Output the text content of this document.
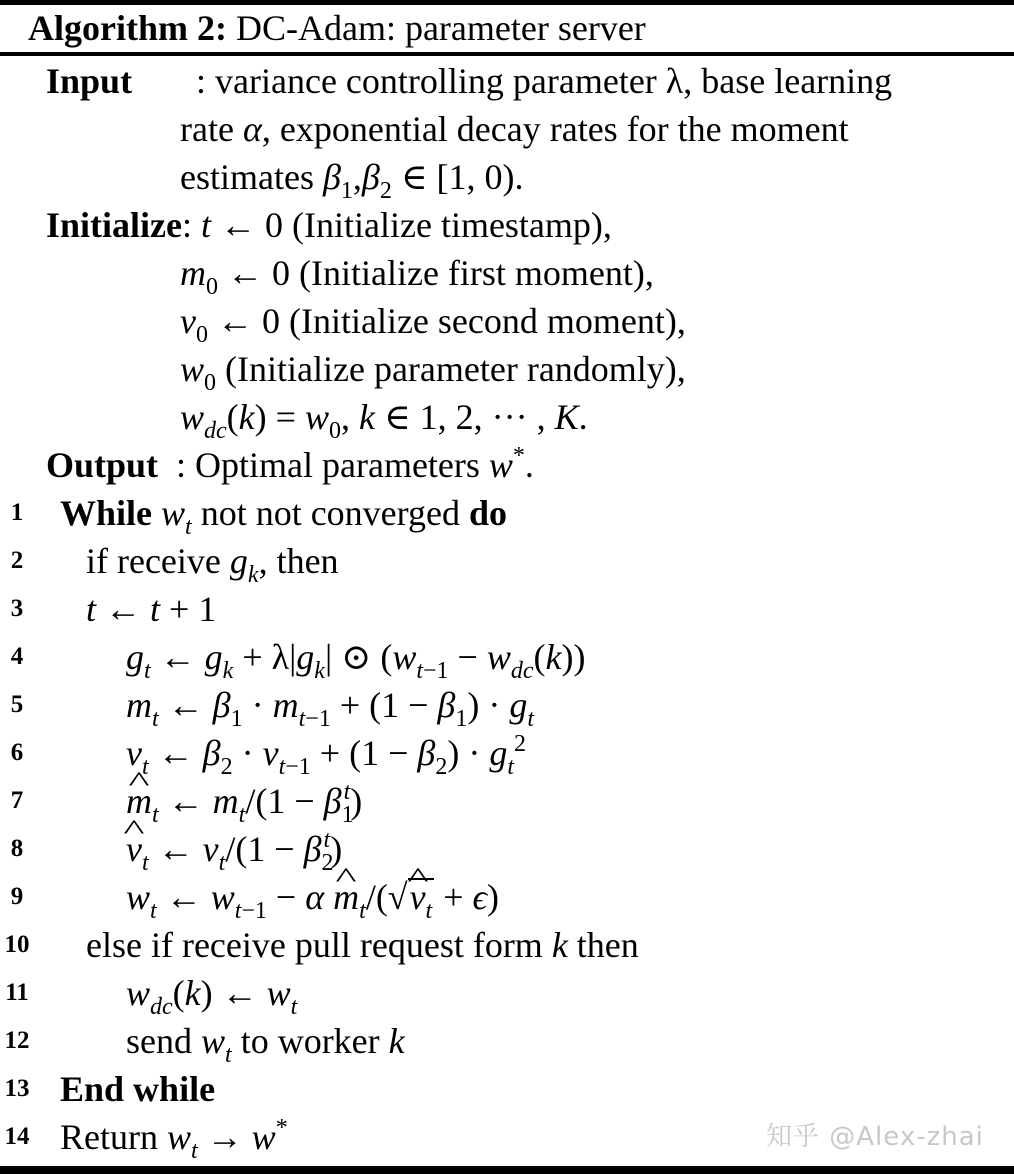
Algorithm 2: DC-Adam: parameter server
Input : variance controlling parameter λ, base learning
rate α, exponential decay rates for the moment
estimates $\beta_1,\beta_2$ ∈ [1, 0).
Initialize: t ← 0 (Initialize timestamp),
$m_0$ ← 0 (Initialize first moment),
$v_0$ ← 0 (Initialize second moment),
$w_0$ (Initialize parameter randomly),
$w_{dc}(k) = w_0$, k ∈ 1, 2, ··· , K.
Output : Optimal parameters w*.
1 While $w_t$ not not converged do
2 if receive $g_k$, then
3 t ← t + 1
4	$g_t$ ← $g_k + \lambda|g_k|$ ⊙ $(w_{t-1} - w_{dc}(k))$
5	$m_t$ ← $\beta_1 \cdot m_{t-1} + (1 - \beta_1) \cdot g_t$
6	$v_t$ ← $\beta_2 \cdot v_{t-1} + (1 - \beta_2) \cdot g_t^2$
7	^ $m_t$ ← $m_t/(1 - \beta_1^t)$
8	^ $v_t$ ← $v_t/(1 - \beta_2^t)$
9	$w_t$ ← $w_{t-1} - \alpha$ ^ $m_t/(√\^{}$ $v_t + \epsilon$)
10 else if receive pull request form k then
11	$w_{dc}(k)$ ← $w_t$
12	send $w_t$ to worker k
13 End while
14 Return $w_t \to w^*$	知乎 @Alex-zhai
